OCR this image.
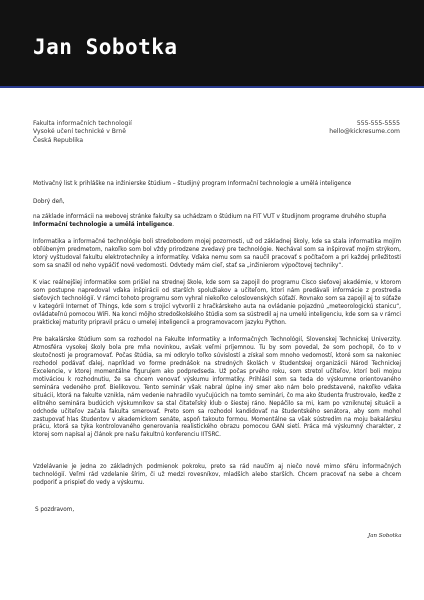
Jan Sobotka
Fakulta informačních technologií
Vysoké učení technické v Brně
Česká Republika
555-555-5555
hello@kickresume.com
Motivačný list k prihláške na inžinierske štúdium – študijný program Informační technologie a umělá inteligence
Dobrý deň,
na základe informácii na webovej stránke fakulty sa uchádzam o štúdium na FIT VUT v študijnom programe druhého stupňa Informační technologie a umělá inteligence.
Informatika a informačné technológie boli stredobodom mojej pozornosti, už od základnej školy, kde sa stala informatika mojím obľúbeným predmetom, nakoľko som bol vždy prirodzene zvedavý pre technológie. Nechával som sa inšpirovať mojím strýkom, ktorý vyštudoval fakultu elektrotechniky a informatiky. Vďaka nemu som sa naučil pracovať s počítačom a pri každej príležitosti som sa snažil od neho vypáčiť nové vedomosti. Odvtedy mám cieľ, stať sa „inžinierom výpočtovej techniky“.
K viac reálnejšiej informatike som prišiel na strednej škole, kde som sa zapojil do programu Cisco sieťovej akadémie, v ktorom som postupne napredoval vďaka inšpirácii od starších spolužiakov a učiteľom, ktorí nám predávali informácie z prostredia sieťových technológií. V rámci tohoto programu som vyhral niekoľko celoslovenských súťaží. Rovnako som sa zapojil aj to súťaže v kategórii Internet of Things, kde som s trojicí vytvorili z hračkárskeho auta na ovládanie pojazdnú „meteorologickú stanicu“, ovládateľnú pomocou WiFi. Na konci môjho stredoškolského štúdia som sa sústredil aj na umelú inteligenciu, kde som sa v rámci praktickej maturity pripravil prácu o umelej inteligencii a programovacom jazyku Python.
Pre bakalárske štúdium som sa rozhodol na Fakulte Informatiky a Informačných Technológií, Slovenskej Technickej Univerzity. Atmosféra vysokej školy bola pre mňa novinkou, avšak veľmi príjemnou. Tu by som povedal, že som pochopil, čo to v skutočnosti je programovať. Počas štúdia, sa mi odkrylo toľko súvislostí a získal som mnoho vedomostí, ktoré som sa nakoniec rozhodol podávať ďalej, napríklad vo forme prednášok na stredných školách v študentskej organizácii Národ Technickej Excelencie, v ktorej momentálne figurujem ako podpredseda. Už počas prvého roku, som stretol učiteľov, ktorí boli mojou motiváciou k rozhodnutiu, že sa chcem venovať výskumu informatiky. Prihlásil som sa teda do výskumne orientovaného seminára vedeného prof. Bielikovou. Tento seminár však nabral úplne iný smer ako nám bolo predstavené, nakoľko vďaka situácii, ktorá na fakulte vznikla, nám vedenie nahradilo vyučujúcich na tomto seminári, čo ma ako študenta frustrovalo, keďže z elitného seminára budúcich výskumníkov sa stal čitateľský klub o šiestej ráno. Nepáčilo sa mi, kam po vzniknutej situácii a odchode učiteľov začala fakulta smerovať. Preto som sa rozhodol kandidovať na študentského senátora, aby som mohol zastupovať hlas študentov v akademickom senáte, aspoň takouto formou. Momentálne sa však sústredím na moju bakalársku prácu, ktorá sa týka kontrolovaného generovania realistického obrazu pomocou GAN sietí. Práca má výskumný charakter, z ktorej som napísal aj článok pre našu fakultnú konferenciu IITSRC.
Vzdelávanie je jedna zo základných podmienok pokroku, preto sa rád naučím aj niečo nové mimo sféru informačných technológií. Veľmi rád vzdelanie šírim, či už medzi rovesníkov, mladších alebo starších. Chcem pracovať na sebe a chcem podporiť a prispieť do vedy a výskumu.
S pozdravom,
Jan Sobotka
